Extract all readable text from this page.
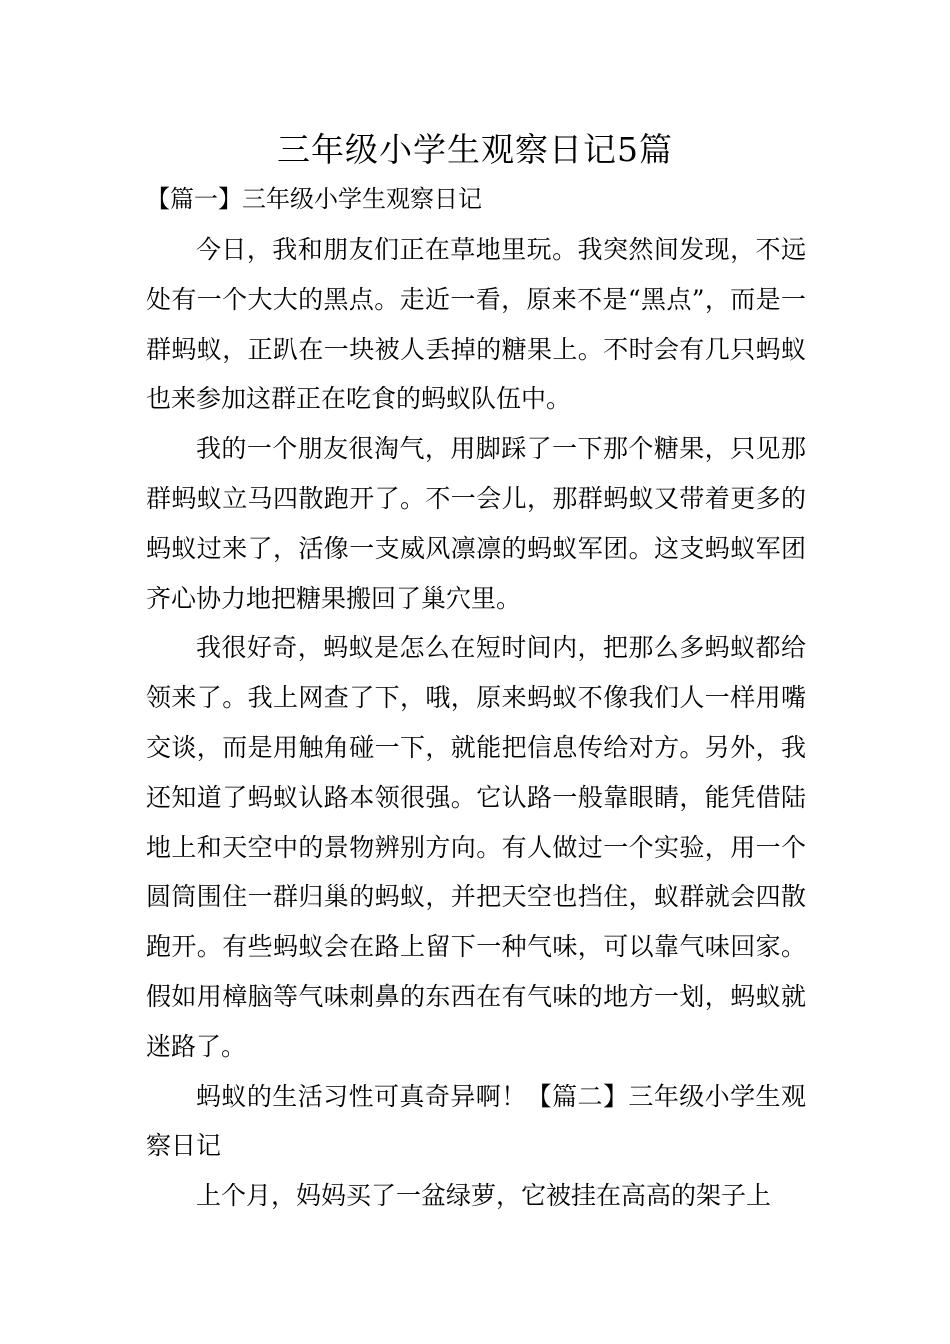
三年级小学生观察日记5篇
【篇一】三年级小学生观察日记

今日，我和朋友们正在草地里玩。我突然间发现，不远处有一个大大的黑点。走近一看，原来不是“黑点”，而是一群蚂蚁，正趴在一块被人丢掉的糖果上。不时会有几只蚂蚁也来参加这群正在吃食的蚂蚁队伍中。

我的一个朋友很淘气，用脚踩了一下那个糖果，只见那群蚂蚁立马四散跑开了。不一会儿，那群蚂蚁又带着更多的蚂蚁过来了，活像一支威风凛凛的蚂蚁军团。这支蚂蚁军团齐心协力地把糖果搬回了巢穴里。

我很好奇，蚂蚁是怎么在短时间内，把那么多蚂蚁都给领来了。我上网查了下，哦，原来蚂蚁不像我们人一样用嘴交谈，而是用触角碰一下，就能把信息传给对方。另外，我还知道了蚂蚁认路本领很强。它认路一般靠眼睛，能凭借陆地上和天空中的景物辨别方向。有人做过一个实验，用一个圆筒围住一群归巢的蚂蚁，并把天空也挡住，蚁群就会四散跑开。有些蚂蚁会在路上留下一种气味，可以靠气味回家。假如用樟脑等气味刺鼻的东西在有气味的地方一划，蚂蚁就迷路了。

蚂蚁的生活习性可真奇异啊！【篇二】三年级小学生观察日记

上个月，妈妈买了一盆绿萝，它被挂在高高的架子上
